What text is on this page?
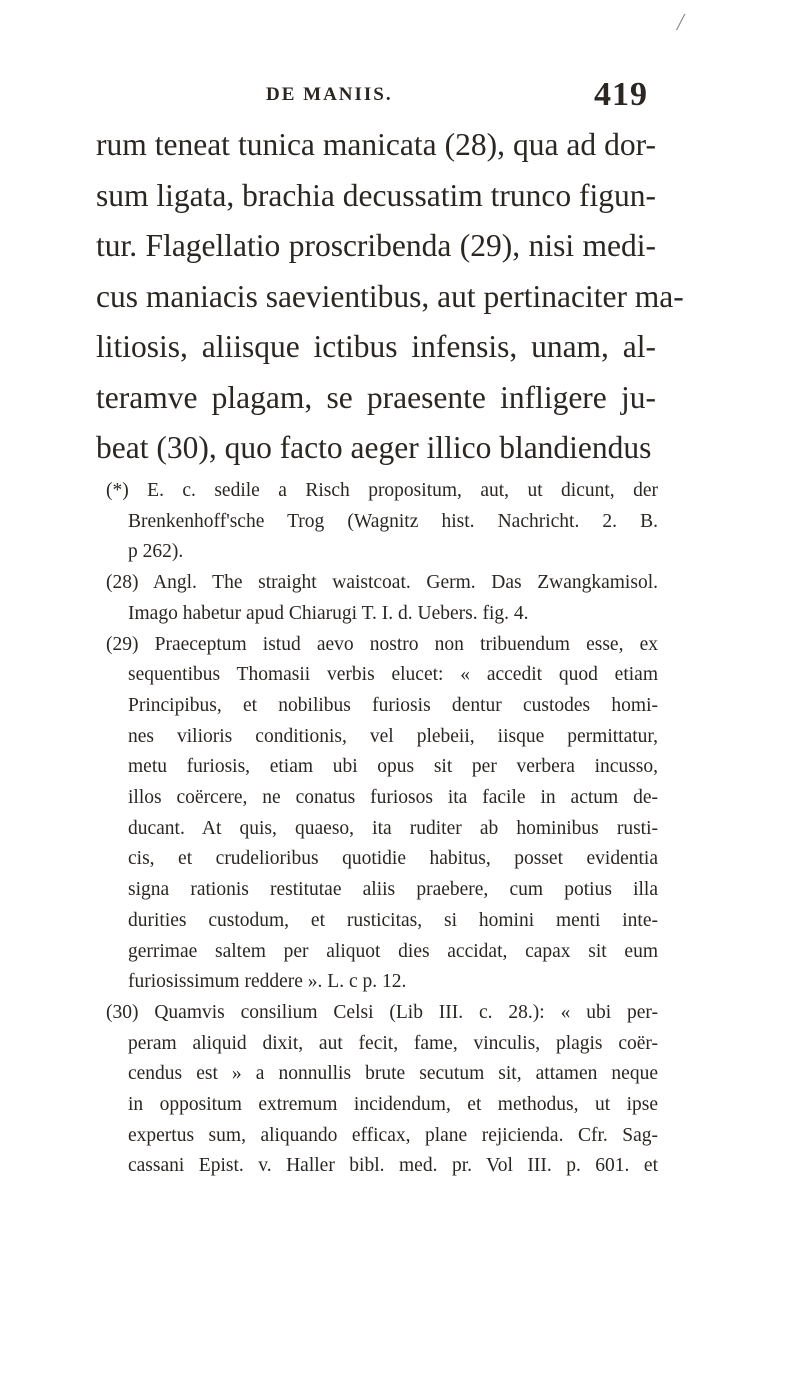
/
DE MANIIS.	419
rum teneat tunica manicata (28), qua ad dor-
sum ligata, brachia decussatim trunco figun-
tur. Flagellatio proscribenda (29), nisi medi-
cus maniacis saevientibus, aut pertinaciter ma-
litiosis, aliisque ictibus infensis, unam, al-
teramve plagam, se praesente infligere ju-
beat (30), quo facto aeger illico blandiendus
(*) E. c. sedile a Risch propositum, aut, ut dicunt, der
Brenkenhoff'sche Trog (Wagnitz hist. Nachricht. 2. B.
p 262).
(28) Angl. The straight waistcoat. Germ. Das Zwangkamisol.
Imago habetur apud Chiarugi T. I. d. Uebers. fig. 4.
(29) Praeceptum istud aevo nostro non tribuendum esse, ex
sequentibus Thomasii verbis elucet: « accedit quod etiam
Principibus, et nobilibus furiosis dentur custodes homi-
nes vilioris conditionis, vel plebeii, iisque permittatur,
metu furiosis, etiam ubi opus sit per verbera incusso,
illos coërcere, ne conatus furiosos ita facile in actum de-
ducant. At quis, quaeso, ita ruditer ab hominibus rusti-
cis, et crudelioribus quotidie habitus, posset evidentia
signa rationis restitutae aliis praebere, cum potius illa
durities custodum, et rusticitas, si homini menti inte-
gerrimae saltem per aliquot dies accidat, capax sit eum
furiosissimum reddere ». L. c p. 12.
(30) Quamvis consilium Celsi (Lib III. c. 28.): « ubi per-
peram aliquid dixit, aut fecit, fame, vinculis, plagis coër-
cendus est » a nonnullis brute secutum sit, attamen neque
in oppositum extremum incidendum, et methodus, ut ipse
expertus sum, aliquando efficax, plane rejicienda. Cfr. Sag-
cassani Epist. v. Haller bibl. med. pr. Vol III. p. 601. et
